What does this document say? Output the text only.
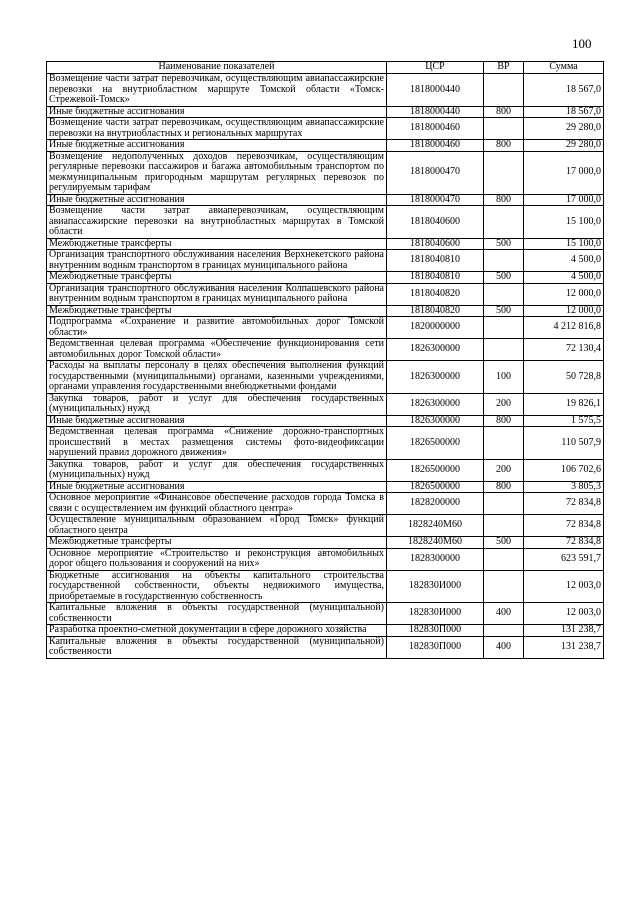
100
Наименование показателей	ЦСР	ВР	Сумма
Возмещение части затрат перевозчикам, осуществляющим авиапассажирские перевозки на внутриобластном маршруте Томской области «Томск-Стрежевой-Томск»	1818000440		18 567,0
Иные бюджетные ассигнования	1818000440	800	18 567,0
Возмещение части затрат перевозчикам, осуществляющим авиапассажирские перевозки на внутриобластных и региональных маршрутах	1818000460		29 280,0
Иные бюджетные ассигнования	1818000460	800	29 280,0
Возмещение недополученных доходов перевозчикам, осуществляющим регулярные перевозки пассажиров и багажа автомобильным транспортом по межмуниципальным пригородным маршрутам регулярных перевозок по регулируемым тарифам	1818000470		17 000,0
Иные бюджетные ассигнования	1818000470	800	17 000,0
Возмещение части затрат авиаперевозчикам, осуществляющим авиапассажирские перевозки на внутриобластных маршрутах в Томской области	1818040600		15 100,0
Межбюджетные трансферты	1818040600	500	15 100,0
Организация транспортного обслуживания населения Верхнекетского района внутренним водным транспортом в границах муниципального района	1818040810		4 500,0
Межбюджетные трансферты	1818040810	500	4 500,0
Организация транспортного обслуживания населения Колпашевского района внутренним водным транспортом в границах муниципального района	1818040820		12 000,0
Межбюджетные трансферты	1818040820	500	12 000,0
Подпрограмма «Сохранение и развитие автомобильных дорог Томской области»	1820000000		4 212 816,8
Ведомственная целевая программа «Обеспечение функционирования сети автомобильных дорог Томской области»	1826300000		72 130,4
Расходы на выплаты персоналу в целях обеспечения выполнения функций государственными (муниципальными) органами, казенными учреждениями, органами управления государственными внебюджетными фондами	1826300000	100	50 728,8
Закупка товаров, работ и услуг для обеспечения государственных (муниципальных) нужд	1826300000	200	19 826,1
Иные бюджетные ассигнования	1826300000	800	1 575,5
Ведомственная целевая программа «Снижение дорожно-транспортных происшествий в местах размещения системы фото-видеофиксации нарушений правил дорожного движения»	1826500000		110 507,9
Закупка товаров, работ и услуг для обеспечения государственных (муниципальных) нужд	1826500000	200	106 702,6
Иные бюджетные ассигнования	1826500000	800	3 805,3
Основное мероприятие «Финансовое обеспечение расходов города Томска в связи с осуществлением им функций областного центра»	1828200000		72 834,8
Осуществление муниципальным образованием «Город Томск» функций областного центра	1828240М60		72 834,8
Межбюджетные трансферты	1828240М60	500	72 834,8
Основное мероприятие «Строительство и реконструкция автомобильных дорог общего пользования и сооружений на них»	1828300000		623 591,7
Бюджетные ассигнования на объекты капитального строительства государственной собственности, объекты недвижимого имущества, приобретаемые в государственную собственность	182830И000		12 003,0
Капитальные вложения в объекты государственной (муниципальной) собственности	182830И000	400	12 003,0
Разработка проектно-сметной документации в сфере дорожного хозяйства	182830П000		131 238,7
Капитальные вложения в объекты государственной (муниципальной) собственности	182830П000	400	131 238,7
